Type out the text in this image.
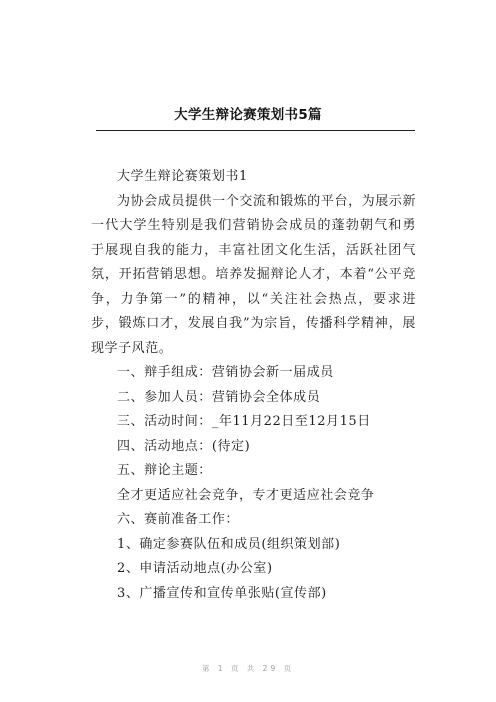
大学生辩论赛策划书5篇

大学生辩论赛策划书1

为协会成员提供一个交流和锻炼的平台，为展示新一代大学生特别是我们营销协会成员的蓬勃朝气和勇于展现自我的能力，丰富社团文化生活，活跃社团气氛，开拓营销思想。培养发掘辩论人才，本着“公平竞争，力争第一”的精神，以“关注社会热点，要求进步，锻炼口才，发展自我”为宗旨，传播科学精神，展现学子风范。

一、辩手组成：营销协会新一届成员

二、参加人员：营销协会全体成员

三、活动时间：_年11月22日至12月15日

四、活动地点：(待定)

五、辩论主题：

全才更适应社会竞争，专才更适应社会竞争

六、赛前准备工作：

1、确定参赛队伍和成员(组织策划部)

2、申请活动地点(办公室)

3、广播宣传和宣传单张贴(宣传部)

第 1 页 共 29 页
